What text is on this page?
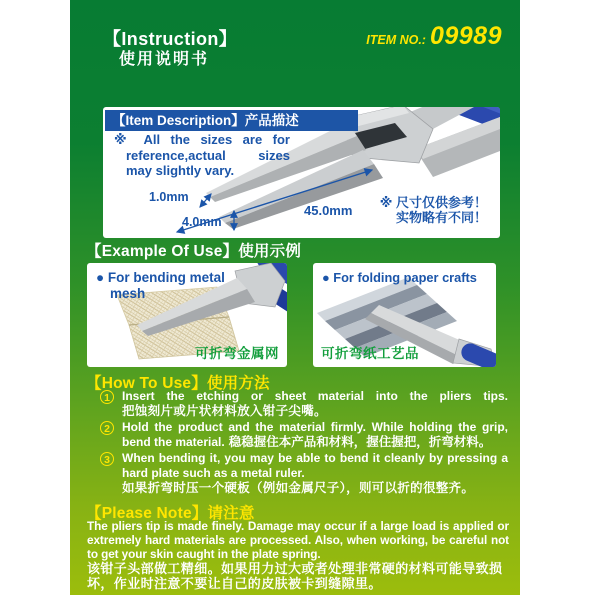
【Instruction】
使用说明书
ITEM NO.: 09989
【Item Description】产品描述
※ All the sizes are for
reference,actual sizes
may slightly vary.
1.0mm
4.0mm
45.0mm
※ 尺寸仅供参考！
实物略有不同！
【Example Of Use】使用示例
● For bending metal mesh
可折弯金属网
● For folding paper crafts
可折弯纸工艺品
【How To Use】使用方法
1	Insert the etching or sheet material into the pliers tips.
把蚀刻片或片状材料放入钳子尖嘴。
2	Hold the product and the material firmly. While holding the grip, bend the material. 稳稳握住本产品和材料，握住握把，折弯材料。
3	When bending it, you may be able to bend it cleanly by pressing a hard plate such as a metal ruler.
如果折弯时压一个硬板（例如金属尺子），则可以折的很整齐。
【Please Note】请注意
The pliers tip is made finely. Damage may occur if a large load is applied or extremely hard materials are processed. Also, when working, be careful not to get your skin caught in the plate spring.
该钳子头部做工精细。如果用力过大或者处理非常硬的材料可能导致损坏，作业时注意不要让自己的皮肤被卡到缝隙里。
